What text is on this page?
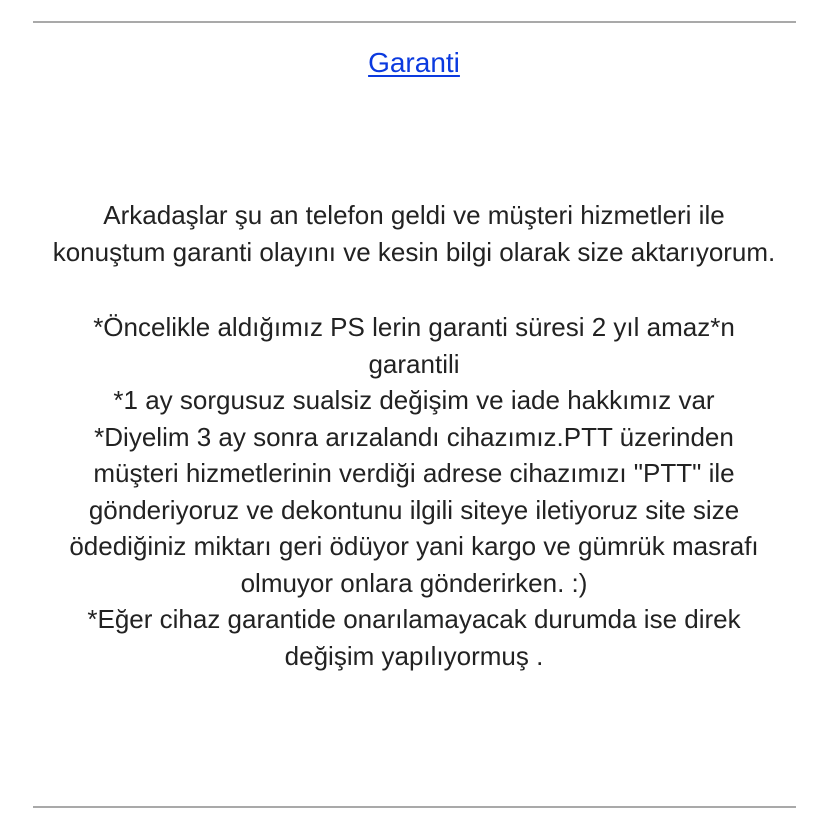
Garanti

Arkadaşlar şu an telefon geldi ve müşteri hizmetleri ile konuştum garanti olayını ve kesin bilgi olarak size aktarıyorum.

*Öncelikle aldığımız PS lerin garanti süresi 2 yıl amaz*n garantili

*1 ay sorgusuz sualsiz değişim ve iade hakkımız var

*Diyelim 3 ay sonra arızalandı cihazımız.PTT üzerinden müşteri hizmetlerinin verdiği adrese cihazımızı "PTT" ile gönderiyoruz ve dekontunu ilgili siteye iletiyoruz site size ödediğiniz miktarı geri ödüyor yani kargo ve gümrük masrafı olmuyor onlara gönderirken. :)

*Eğer cihaz garantide onarılamayacak durumda ise direk değişim yapılıyormuş .
